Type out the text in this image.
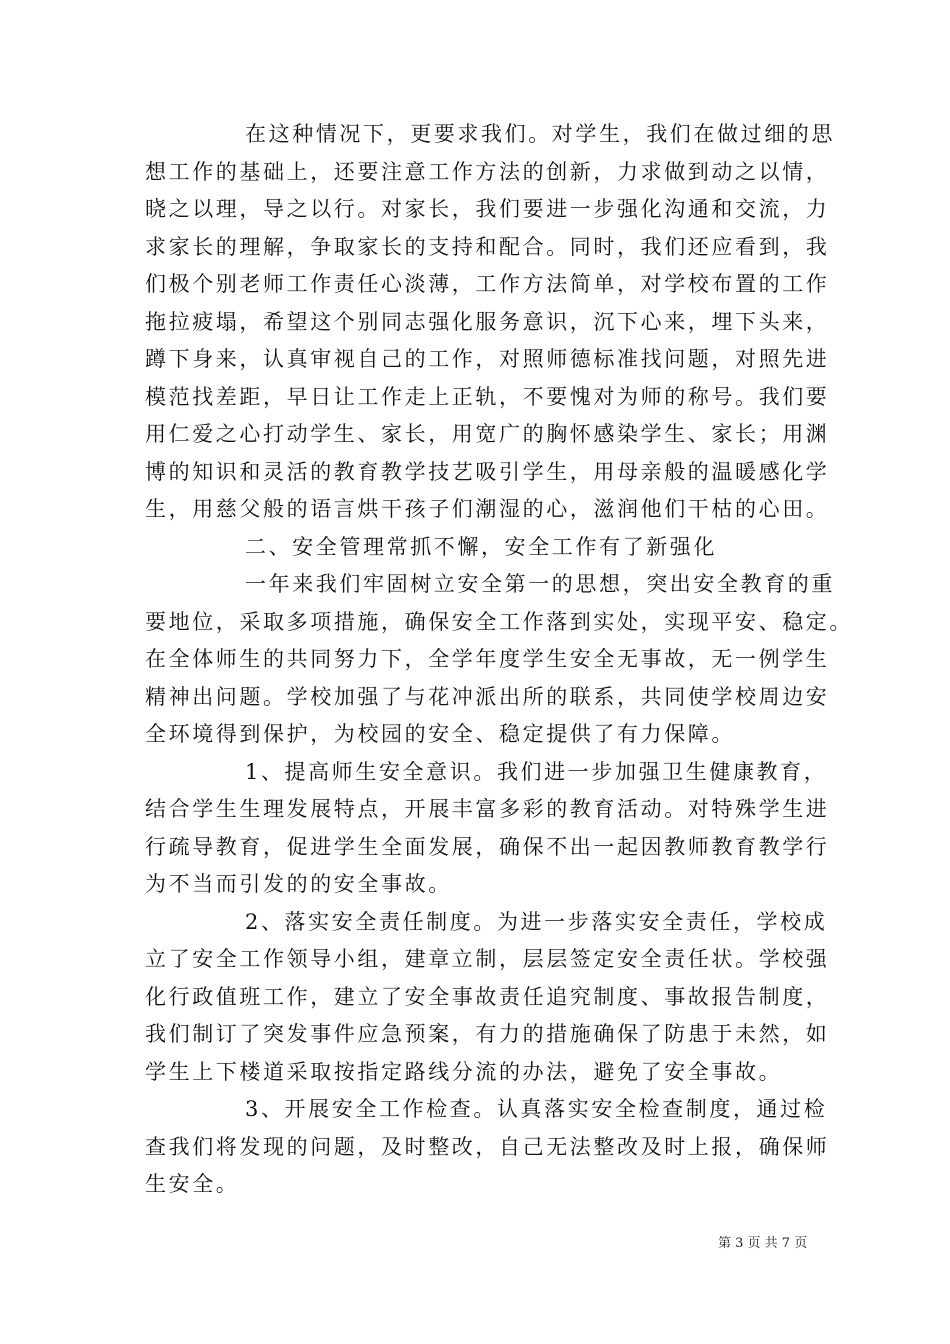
在这种情况下，更要求我们。对学生，我们在做过细的思
想工作的基础上，还要注意工作方法的创新，力求做到动之以情，
晓之以理，导之以行。对家长，我们要进一步强化沟通和交流，力
求家长的理解，争取家长的支持和配合。同时，我们还应看到，我
们极个别老师工作责任心淡薄，工作方法简单，对学校布置的工作
拖拉疲塌，希望这个别同志强化服务意识，沉下心来，埋下头来，
蹲下身来，认真审视自己的工作，对照师德标准找问题，对照先进
模范找差距，早日让工作走上正轨，不要愧对为师的称号。我们要
用仁爱之心打动学生、家长，用宽广的胸怀感染学生、家长；用渊
博的知识和灵活的教育教学技艺吸引学生，用母亲般的温暖感化学
生，用慈父般的语言烘干孩子们潮湿的心，滋润他们干枯的心田。
二、安全管理常抓不懈，安全工作有了新强化
一年来我们牢固树立安全第一的思想，突出安全教育的重
要地位，采取多项措施，确保安全工作落到实处，实现平安、稳定。
在全体师生的共同努力下，全学年度学生安全无事故，无一例学生
精神出问题。学校加强了与花冲派出所的联系，共同使学校周边安
全环境得到保护，为校园的安全、稳定提供了有力保障。
1、提高师生安全意识。我们进一步加强卫生健康教育，
结合学生生理发展特点，开展丰富多彩的教育活动。对特殊学生进
行疏导教育，促进学生全面发展，确保不出一起因教师教育教学行
为不当而引发的的安全事故。
2、落实安全责任制度。为进一步落实安全责任，学校成
立了安全工作领导小组，建章立制，层层签定安全责任状。学校强
化行政值班工作，建立了安全事故责任追究制度、事故报告制度，
我们制订了突发事件应急预案，有力的措施确保了防患于未然，如
学生上下楼道采取按指定路线分流的办法，避免了安全事故。
3、开展安全工作检查。认真落实安全检查制度，通过检
查我们将发现的问题，及时整改，自己无法整改及时上报，确保师
生安全。
第 3 页 共 7 页
